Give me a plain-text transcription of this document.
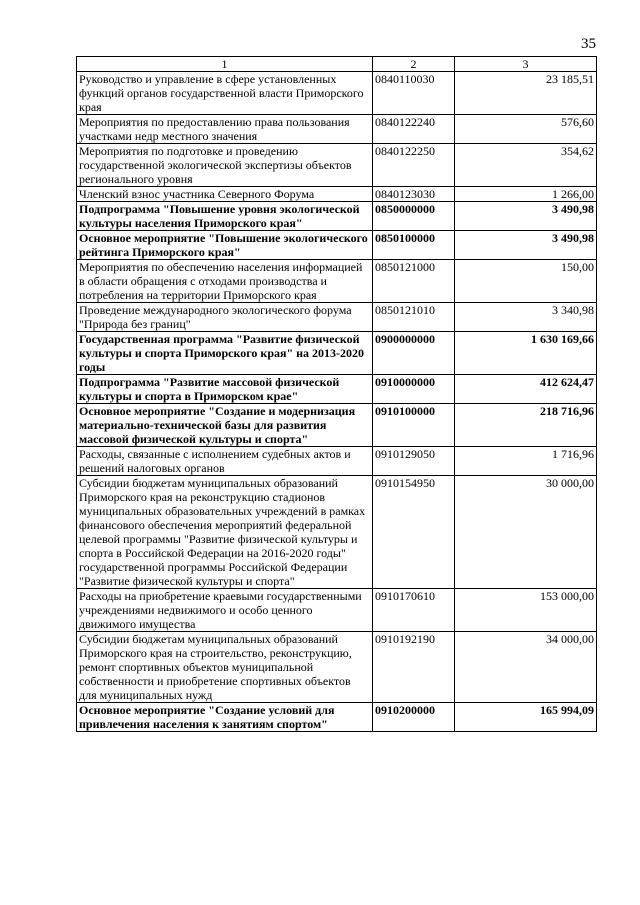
35
1	2	3
Руководство и управление в сфере установленных функций органов государственной власти Приморского края	0840110030	23 185,51
Мероприятия по предоставлению права пользования участками недр местного значения	0840122240	576,60
Мероприятия по подготовке и проведению государственной экологической экспертизы объектов регионального уровня	0840122250	354,62
Членский взнос участника Северного Форума	0840123030	1 266,00
Подпрограмма "Повышение уровня экологической культуры населения Приморского края"	0850000000	3 490,98
Основное мероприятие "Повышение экологического рейтинга Приморского края"	0850100000	3 490,98
Мероприятия по обеспечению населения информацией в области обращения с отходами производства и потребления на территории Приморского края	0850121000	150,00
Проведение международного экологического форума "Природа без границ"	0850121010	3 340,98
Государственная программа "Развитие физической культуры и спорта Приморского края" на 2013-2020 годы	0900000000	1 630 169,66
Подпрограмма "Развитие массовой физической культуры и спорта в Приморском крае"	0910000000	412 624,47
Основное мероприятие "Создание и модернизация материально-технической базы для развития массовой физической культуры и спорта"	0910100000	218 716,96
Расходы, связанные с исполнением судебных актов и решений налоговых органов	0910129050	1 716,96
Субсидии бюджетам муниципальных образований Приморского края на реконструкцию стадионов муниципальных образовательных учреждений в рамках финансового обеспечения мероприятий федеральной целевой программы "Развитие физической культуры и спорта в Российской Федерации на 2016-2020 годы" государственной программы Российской Федерации "Развитие физической культуры и спорта"	0910154950	30 000,00
Расходы на приобретение краевыми государственными учреждениями недвижимого и особо ценного движимого имущества	0910170610	153 000,00
Субсидии бюджетам муниципальных образований Приморского края на строительство, реконструкцию, ремонт спортивных объектов муниципальной собственности и приобретение спортивных объектов для муниципальных нужд	0910192190	34 000,00
Основное мероприятие "Создание условий для привлечения населения к занятиям спортом"	0910200000	165 994,09
